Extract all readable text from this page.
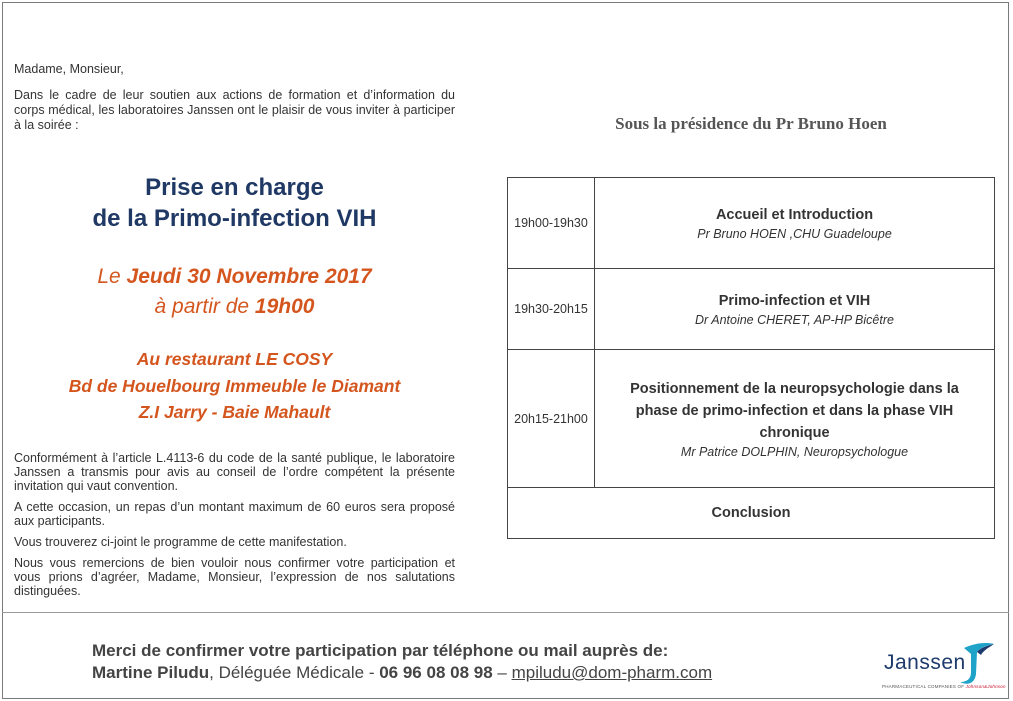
Madame, Monsieur,

Dans le cadre de leur soutien aux actions de formation et d’information du corps médical, les laboratoires Janssen ont le plaisir de vous inviter à participer à la soirée :

Prise en charge
de la Primo-infection VIH
Le Jeudi 30 Novembre 2017
à partir de 19h00
Au restaurant LE COSY
Bd de Houelbourg Immeuble le Diamant
Z.I Jarry - Baie Mahault

Conformément à l’article L.4113-6 du code de la santé publique, le laboratoire Janssen a transmis pour avis au conseil de l’ordre compétent la présente invitation qui vaut convention.

A cette occasion, un repas d’un montant maximum de 60 euros sera proposé aux participants.

Vous trouverez ci-joint le programme de cette manifestation.

Nous vous remercions de bien vouloir nous confirmer votre participation et vous prions d’agréer, Madame, Monsieur, l’expression de nos salutations distinguées.

Sous la présidence du Pr Bruno Hoen
19h00-19h30	Accueil et Introduction
Pr Bruno HOEN ,CHU Guadeloupe

19h30-20h15	Primo-infection et VIH
Dr Antoine CHERET, AP-HP Bicêtre

20h15-21h00	Positionnement de la neuropsychologie dans la phase de primo-infection et dans la phase VIH chronique
Mr Patrice DOLPHIN, Neuropsychologue

Conclusion	
Merci de confirmer votre participation par téléphone ou mail auprès de:
Martine Piludu, Déléguée Médicale - 06 96 08 08 98 – mpiludu@dom-pharm.com	Janssen
PHARMACEUTICAL COMPANIES OF Johnson&Johnson
